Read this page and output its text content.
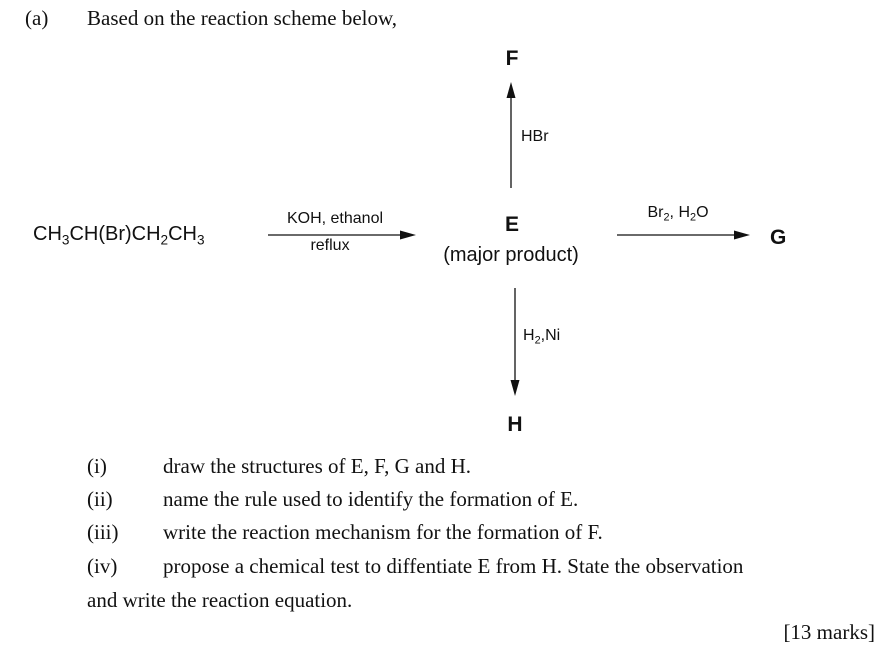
(a) Based on the reaction scheme below,
F
HBr
$CH_3CH(Br)CH_2CH_3$
KOH, ethanol
reflux
E
(major product)
$Br_2$, $H_2O$
G
$H_2,Ni$
H
(i)	draw the structures of E, F, G and H.
(ii) name the rule used to identify the formation of E.
(iii) write the reaction mechanism for the formation of F.
(iv) propose a chemical test to diffentiate E from H. State the observation
and write the reaction equation.
[13 marks]
